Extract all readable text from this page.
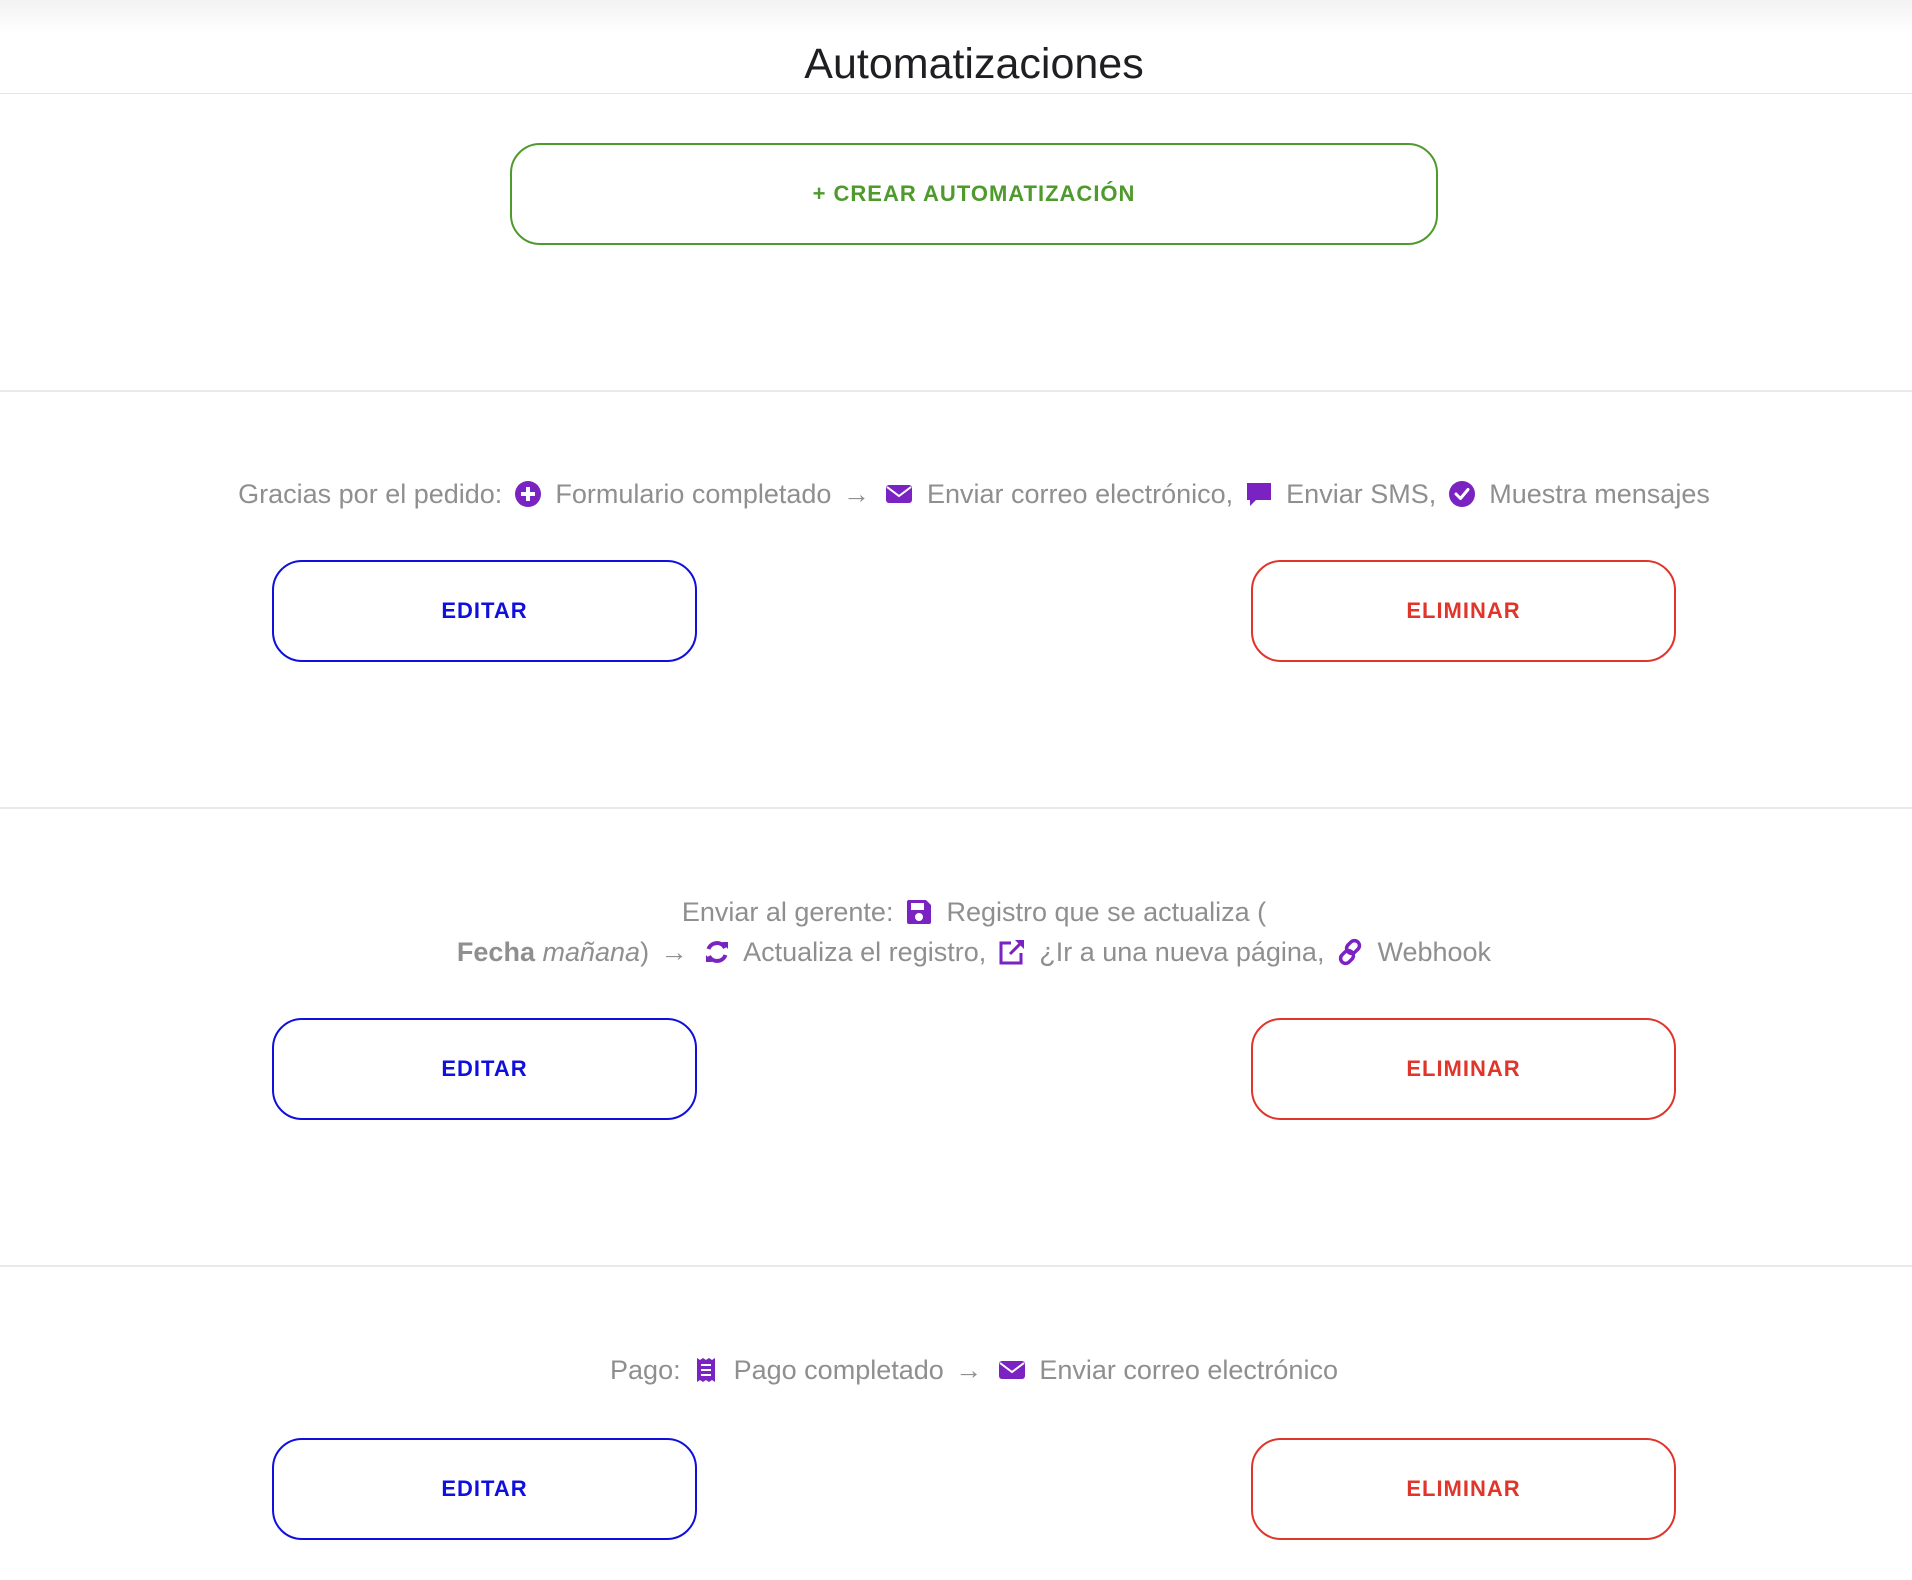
Automatizaciones
+ CREAR AUTOMATIZACIÓN
Gracias por el pedido: Formulario completado → Enviar correo electrónico, Enviar SMS, Muestra mensajes
EDITAR	ELIMINAR
Enviar al gerente: Registro que se actualiza (
Fecha mañana) → Actualiza el registro, ¿Ir a una nueva página, Webhook
EDITAR	ELIMINAR
Pago: Pago completado → Enviar correo electrónico
EDITAR	ELIMINAR
